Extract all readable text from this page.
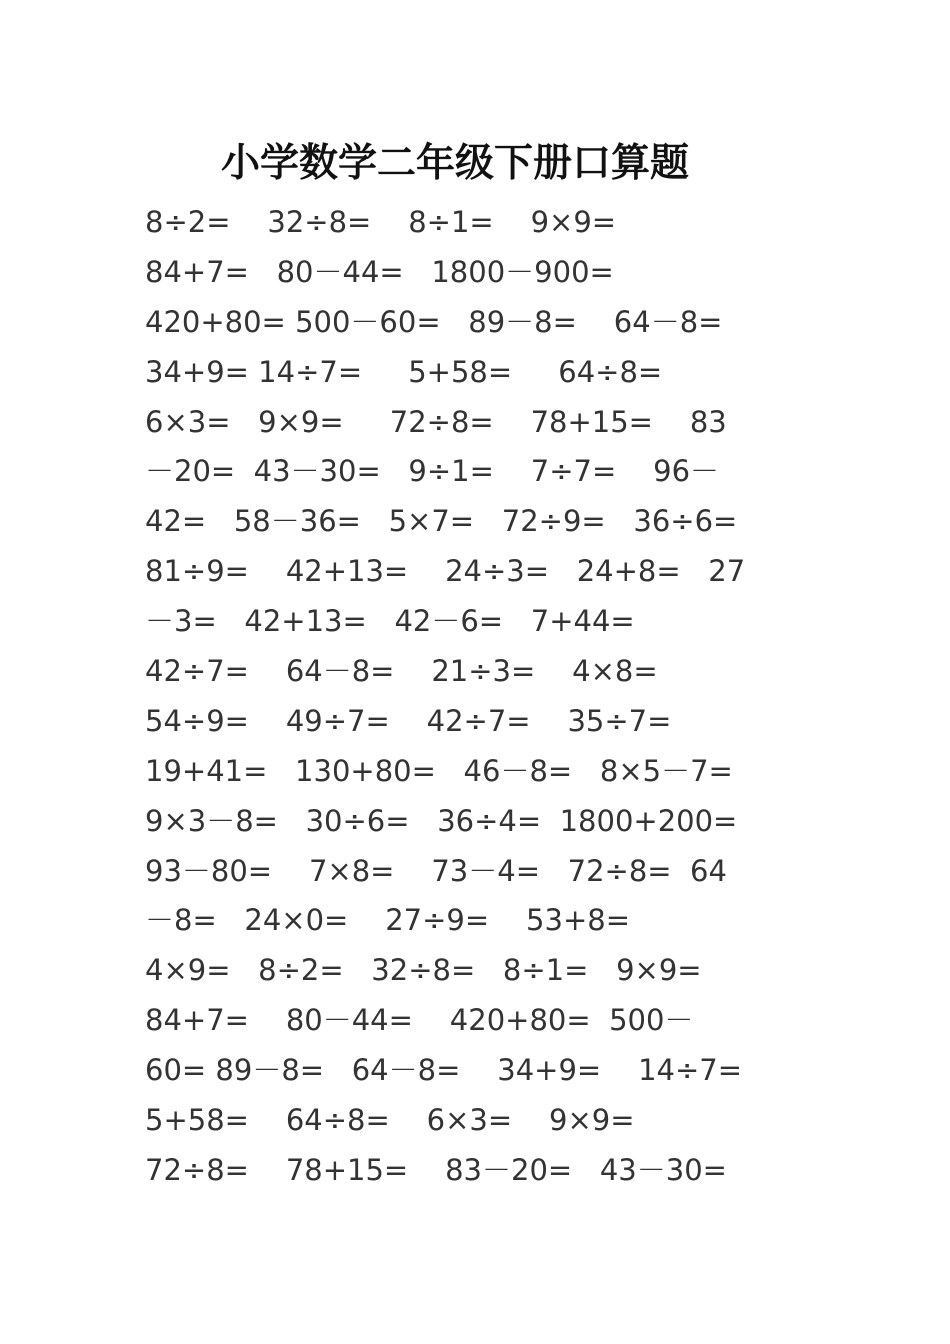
小学数学二年级下册口算题
8÷2=    32÷8=    8÷1=    9×9=
84+7=   80－44=   1800－900=
420+80= 500－60=   89－8=    64－8=
34+9= 14÷7=     5+58=     64÷8=
6×3=   9×9=     72÷8=    78+15=    83
－20=  43－30=   9÷1=    7÷7=    96－
42=   58－36=   5×7=   72÷9=   36÷6=
81÷9=    42+13=    24÷3=   24+8=   27
－3=   42+13=   42－6=   7+44=
42÷7=    64－8=    21÷3=    4×8=
54÷9=    49÷7=    42÷7=    35÷7=
19+41=   130+80=   46－8=   8×5－7=
9×3－8=   30÷6=   36÷4=  1800+200=
93－80=    7×8=    73－4=   72÷8=  64
－8=   24×0=    27÷9=    53+8=
4×9=   8÷2=   32÷8=   8÷1=   9×9=
84+7=    80－44=    420+80=  500－
60= 89－8=   64－8=    34+9=    14÷7=
5+58=    64÷8=    6×3=    9×9=
72÷8=    78+15=    83－20=   43－30=
